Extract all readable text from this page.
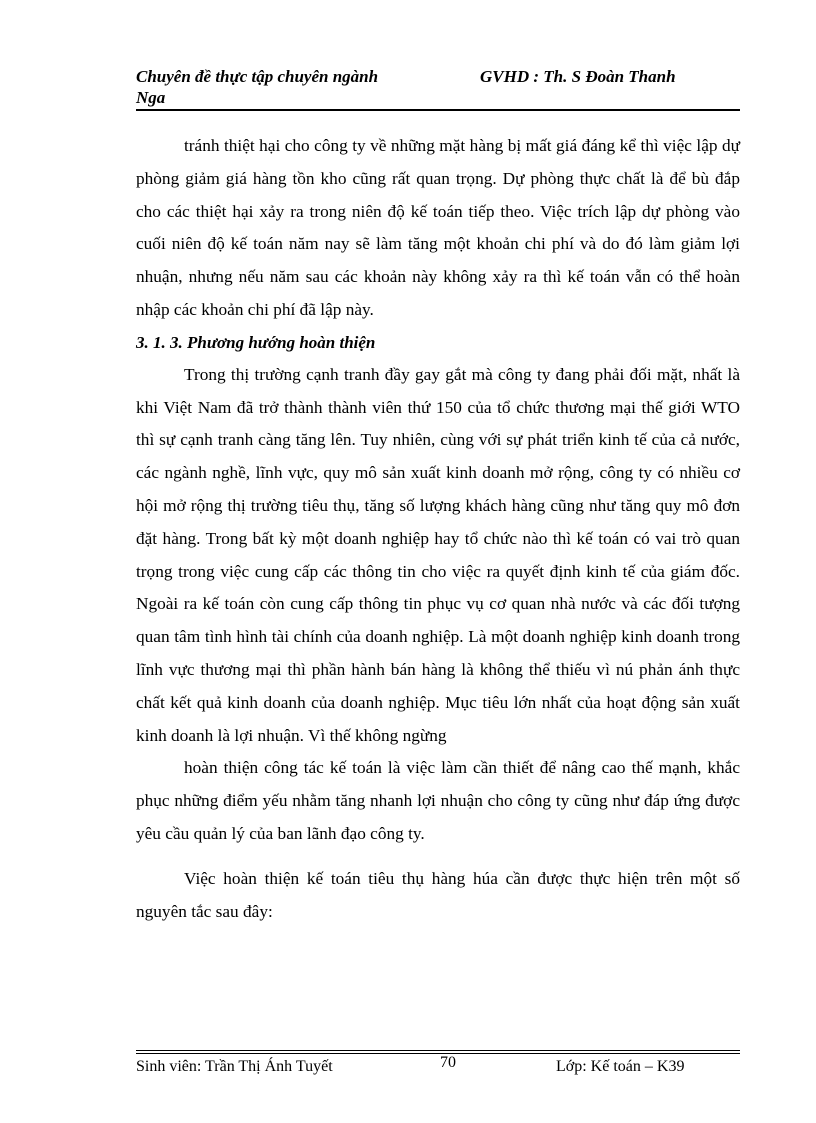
Chuyên đề thực tập chuyên ngành	GVHD : Th. S Đoàn Thanh
Nga

tránh thiệt hại cho công ty về những mặt hàng bị mất giá đáng kể thì việc lập dự phòng giảm giá hàng tồn kho cũng rất quan trọng. Dự phòng thực chất là để bù đắp cho các thiệt hại xảy ra trong niên độ kế toán tiếp theo. Việc trích lập dự phòng vào cuối niên độ kế toán năm nay sẽ làm tăng một khoản chi phí và do đó làm giảm lợi nhuận, nhưng nếu năm sau các khoản này không xảy ra thì kế toán vẫn có thể hoàn nhập các khoản chi phí đã lập này.

3. 1. 3. Phương hướng hoàn thiện

Trong thị trường cạnh tranh đầy gay gắt mà công ty đang phải đối mặt, nhất là khi Việt Nam đã trở thành thành viên thứ 150 của tổ chức thương mại thế giới WTO thì sự cạnh tranh càng tăng lên. Tuy nhiên, cùng với sự phát triển kinh tế của cả nước, các ngành nghề, lĩnh vực, quy mô sản xuất kinh doanh mở rộng, công ty có nhiều cơ hội mở rộng thị trường tiêu thụ, tăng số lượng khách hàng cũng như tăng quy mô đơn đặt hàng. Trong bất kỳ một doanh nghiệp hay tổ chức nào thì kế toán có vai trò quan trọng trong việc cung cấp các thông tin cho việc ra quyết định kinh tế của giám đốc. Ngoài ra kế toán còn cung cấp thông tin phục vụ cơ quan nhà nước và các đối tượng quan tâm tình hình tài chính của doanh nghiệp. Là một doanh nghiệp kinh doanh trong lĩnh vực thương mại thì phần hành bán hàng là không thể thiếu vì nú phản ánh thực chất kết quả kinh doanh của doanh nghiệp. Mục tiêu lớn nhất của hoạt động sản xuất kinh doanh là lợi nhuận. Vì thế không ngừng

hoàn thiện công tác kế toán là việc làm cần thiết để nâng cao thế mạnh, khắc phục những điểm yếu nhằm tăng nhanh lợi nhuận cho công ty cũng như đáp ứng được yêu cầu quản lý của ban lãnh đạo công ty.

Việc hoàn thiện kế toán tiêu thụ hàng húa cần được thực hiện trên một số nguyên tắc sau đây:

Sinh viên: Trần Thị Ánh Tuyết	70	Lớp: Kế toán – K39
